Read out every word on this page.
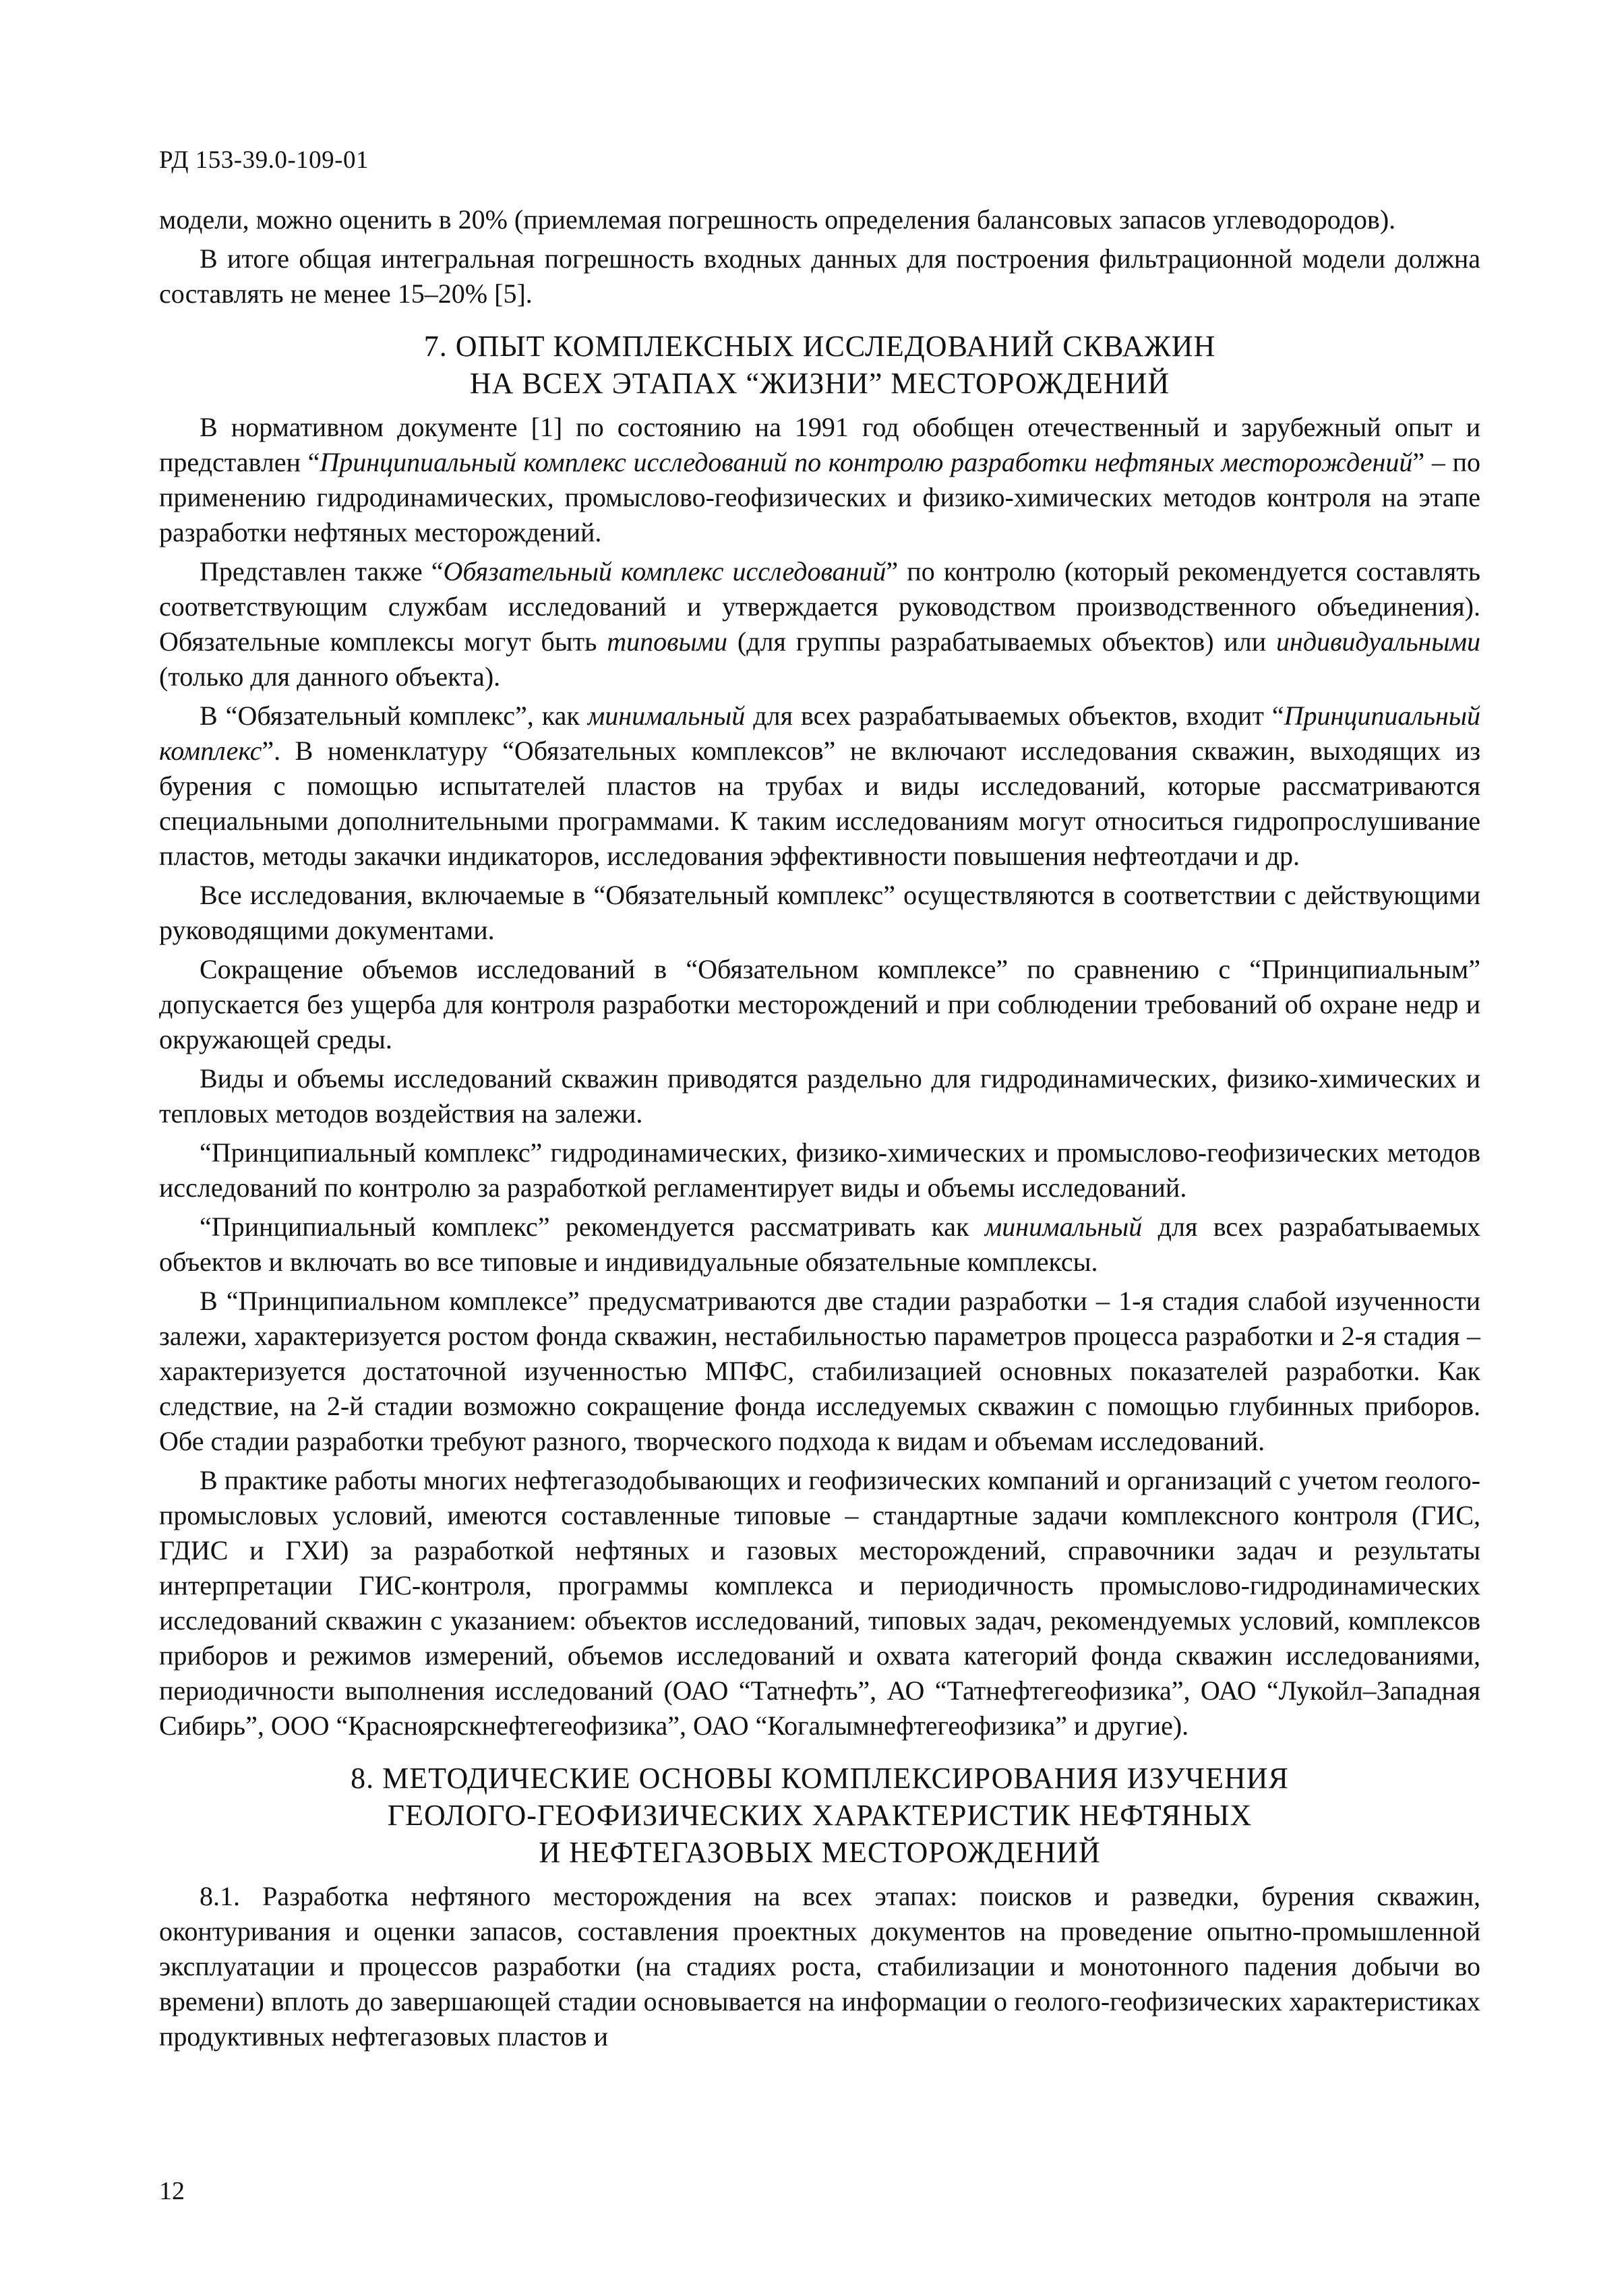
РД 153-39.0-109-01

модели, можно оценить в 20% (приемлемая погрешность определения балансовых запасов углеводородов).

В итоге общая интегральная погрешность входных данных для построения фильтрационной модели должна составлять не менее 15–20% [5].

7. ОПЫТ КОМПЛЕКСНЫХ ИССЛЕДОВАНИЙ СКВАЖИН
НА ВСЕХ ЭТАПАХ “ЖИЗНИ” МЕСТОРОЖДЕНИЙ

В нормативном документе [1] по состоянию на 1991 год обобщен отечественный и зарубежный опыт и представлен “Принципиальный комплекс исследований по контролю разработки нефтяных месторождений” – по применению гидродинамических, промыслово-геофизических и физико-химических методов контроля на этапе разработки нефтяных месторождений.

Представлен также “Обязательный комплекс исследований” по контролю (который рекомендуется составлять соответствующим службам исследований и утверждается руководством производственного объединения). Обязательные комплексы могут быть типовыми (для группы разрабатываемых объектов) или индивидуальными (только для данного объекта).

В “Обязательный комплекс”, как минимальный для всех разрабатываемых объектов, входит “Принципиальный комплекс”. В номенклатуру “Обязательных комплексов” не включают исследования скважин, выходящих из бурения с помощью испытателей пластов на трубах и виды исследований, которые рассматриваются специальными дополнительными программами. К таким исследованиям могут относиться гидропрослушивание пластов, методы закачки индикаторов, исследования эффективности повышения нефтеотдачи и др.

Все исследования, включаемые в “Обязательный комплекс” осуществляются в соответствии с действующими руководящими документами.

Сокращение объемов исследований в “Обязательном комплексе” по сравнению с “Принципиальным” допускается без ущерба для контроля разработки месторождений и при соблюдении требований об охране недр и окружающей среды.

Виды и объемы исследований скважин приводятся раздельно для гидродинамических, физико-химических и тепловых методов воздействия на залежи.

“Принципиальный комплекс” гидродинамических, физико-химических и промыслово-геофизических методов исследований по контролю за разработкой регламентирует виды и объемы исследований.

“Принципиальный комплекс” рекомендуется рассматривать как минимальный для всех разрабатываемых объектов и включать во все типовые и индивидуальные обязательные комплексы.

В “Принципиальном комплексе” предусматриваются две стадии разработки – 1-я стадия слабой изученности залежи, характеризуется ростом фонда скважин, нестабильностью параметров процесса разработки и 2-я стадия – характеризуется достаточной изученностью МПФС, стабилизацией основных показателей разработки. Как следствие, на 2-й стадии возможно сокращение фонда исследуемых скважин с помощью глубинных приборов. Обе стадии разработки требуют разного, творческого подхода к видам и объемам исследований.

В практике работы многих нефтегазодобывающих и геофизических компаний и организаций с учетом геолого-промысловых условий, имеются составленные типовые – стандартные задачи комплексного контроля (ГИС, ГДИС и ГХИ) за разработкой нефтяных и газовых месторождений, справочники задач и результаты интерпретации ГИС-контроля, программы комплекса и периодичность промыслово-гидродинамических исследований скважин с указанием: объектов исследований, типовых задач, рекомендуемых условий, комплексов приборов и режимов измерений, объемов исследований и охвата категорий фонда скважин исследованиями, периодичности выполнения исследований (ОАО “Татнефть”, АО “Татнефтегеофизика”, ОАО “Лукойл–Западная Сибирь”, ООО “Красноярскнефтегеофизика”, ОАО “Когалымнефтегеофизика” и другие).

8. МЕТОДИЧЕСКИЕ ОСНОВЫ КОМПЛЕКСИРОВАНИЯ ИЗУЧЕНИЯ
ГЕОЛОГО-ГЕОФИЗИЧЕСКИХ ХАРАКТЕРИСТИК НЕФТЯНЫХ
И НЕФТЕГАЗОВЫХ МЕСТОРОЖДЕНИЙ

8.1. Разработка нефтяного месторождения на всех этапах: поисков и разведки, бурения скважин, оконтуривания и оценки запасов, составления проектных документов на проведение опытно-промышленной эксплуатации и процессов разработки (на стадиях роста, стабилизации и монотонного падения добычи во времени) вплоть до завершающей стадии основывается на информации о геолого-геофизических характеристиках продуктивных нефтегазовых пластов и

12
